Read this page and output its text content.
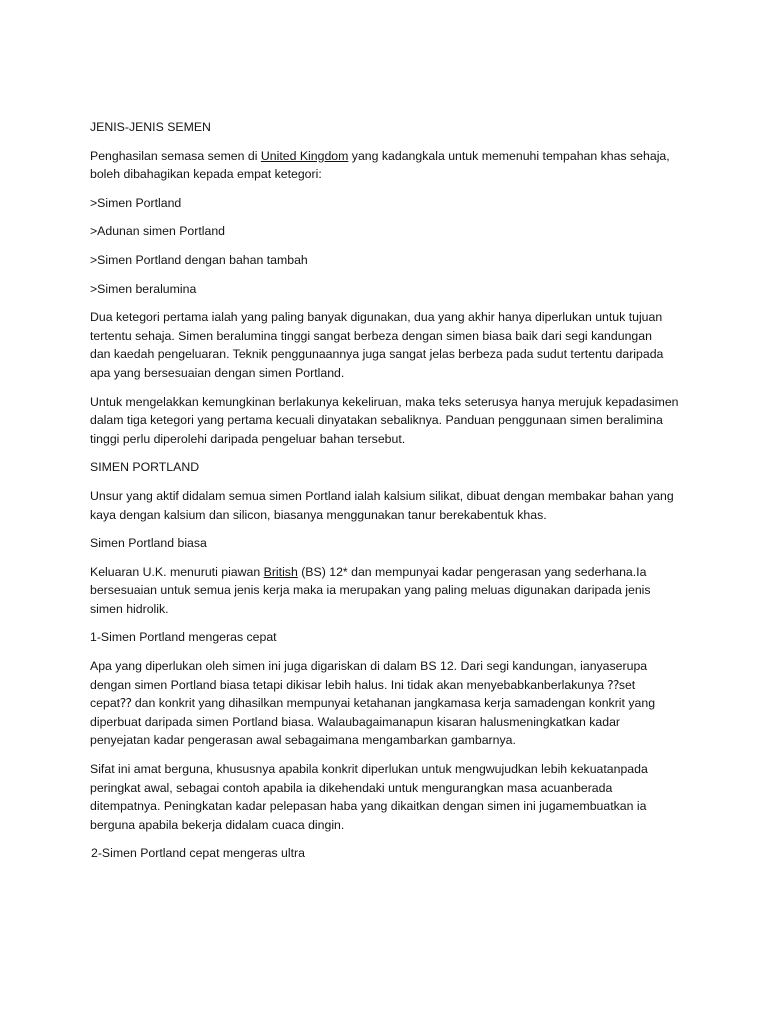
JENIS-JENIS SEMEN
Penghasilan semasa semen di United Kingdom yang kadangkala untuk memenuhi tempahan khas sehaja, boleh dibahagikan kepada empat ketegori:
>Simen Portland
>Adunan simen Portland
>Simen Portland dengan bahan tambah
>Simen beralumina
Dua ketegori pertama ialah yang paling banyak digunakan, dua yang akhir hanya diperlukan untuk tujuan tertentu sehaja. Simen beralumina tinggi sangat berbeza dengan simen biasa baik dari segi kandungan dan kaedah pengeluaran. Teknik penggunaannya juga sangat jelas berbeza pada sudut tertentu daripada apa yang bersesuaian dengan simen Portland.
Untuk mengelakkan kemungkinan berlakunya kekeliruan, maka teks seterusya hanya merujuk kepadasimen dalam tiga ketegori yang pertama kecuali dinyatakan sebaliknya. Panduan penggunaan simen beralimina tinggi perlu diperolehi daripada pengeluar bahan tersebut.
SIMEN PORTLAND
Unsur yang aktif didalam semua simen Portland ialah kalsium silikat, dibuat dengan membakar bahan yang kaya dengan kalsium dan silicon, biasanya menggunakan tanur berekabentuk khas.
Simen Portland biasa
Keluaran U.K. menuruti piawan British (BS) 12* dan mempunyai kadar pengerasan yang sederhana.Ia bersesuaian untuk semua jenis kerja maka ia merupakan yang paling meluas digunakan daripada jenis simen hidrolik.
1-Simen Portland mengeras cepat
Apa yang diperlukan oleh simen ini juga digariskan di dalam BS 12. Dari segi kandungan, ianyaserupa dengan simen Portland biasa tetapi dikisar lebih halus. Ini tidak akan menyebabkanberlakunya ⁇set cepat⁇ dan konkrit yang dihasilkan mempunyai ketahanan jangkamasa kerja samadengan konkrit yang diperbuat daripada simen Portland biasa. Walaubagaimanapun kisaran halusmeningkatkan kadar penyejatan kadar pengerasan awal sebagaimana mengambarkan gambarnya.
Sifat ini amat berguna, khususnya apabila konkrit diperlukan untuk mengwujudkan lebih kekuatanpada peringkat awal, sebagai contoh apabila ia dikehendaki untuk mengurangkan masa acuanberada ditempatnya. Peningkatan kadar pelepasan haba yang dikaitkan dengan simen ini jugamembuatkan ia berguna apabila bekerja didalam cuaca dingin.
2-Simen Portland cepat mengeras ultra
